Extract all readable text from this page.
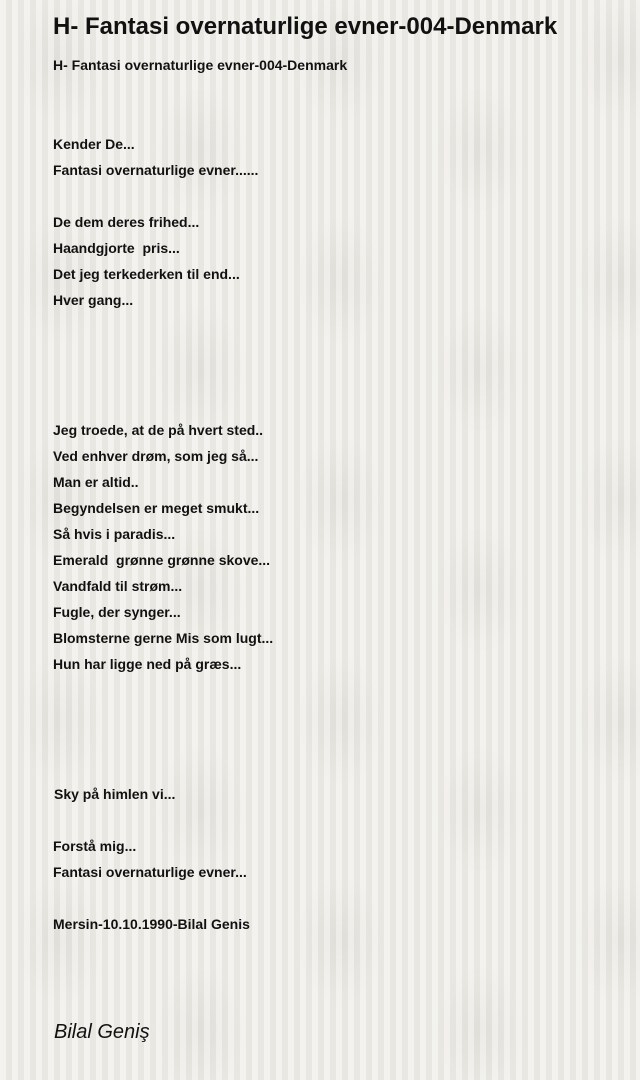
H- Fantasi overnaturlige evner-004-Denmark
H- Fantasi overnaturlige evner-004-Denmark
Kender De...
Fantasi overnaturlige evner......
De dem deres frihed...
Haandgjorte  pris...
Det jeg terkederken til end...
Hver gang...
Jeg troede, at de på hvert sted..
Ved enhver drøm, som jeg så...
Man er altid..
Begyndelsen er meget smukt...
Så hvis i paradis...
Emerald  grønne grønne skove...
Vandfald til strøm...
Fugle, der synger...
Blomsterne gerne Mis som lugt...
Hun har ligge ned på græs...
Sky på himlen vi...
Forstå mig...
Fantasi overnaturlige evner...
Mersin-10.10.1990-Bilal Genis
Bilal Geniş
